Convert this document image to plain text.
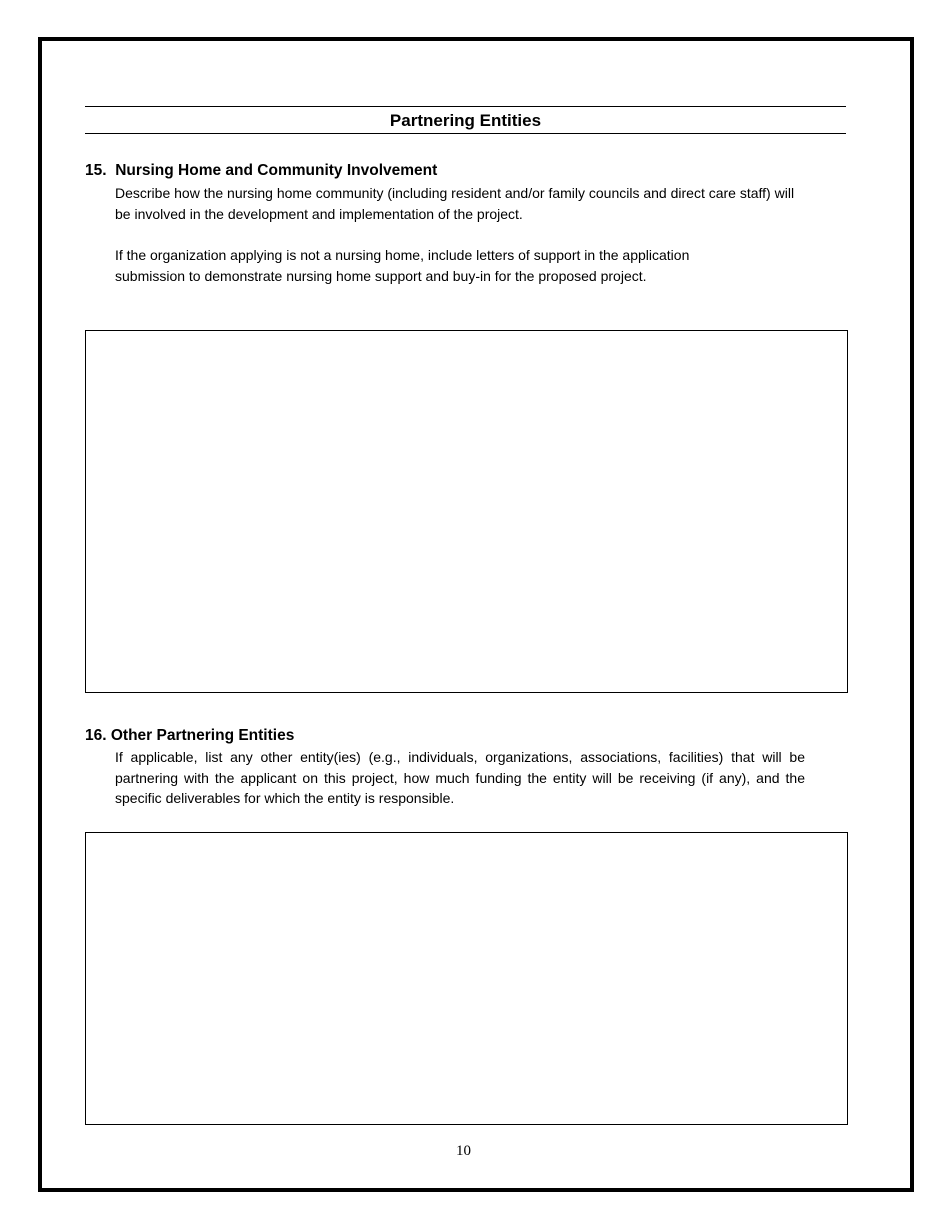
Partnering Entities
15. Nursing Home and Community Involvement
Describe how the nursing home community (including resident and/or family councils and direct care staff) will be involved in the development and implementation of the project.
If the organization applying is not a nursing home, include letters of support in the application submission to demonstrate nursing home support and buy-in for the proposed project.
16. Other Partnering Entities
If applicable, list any other entity(ies) (e.g., individuals, organizations, associations, facilities) that will be partnering with the applicant on this project, how much funding the entity will be receiving (if any), and the specific deliverables for which the entity is responsible.
10
